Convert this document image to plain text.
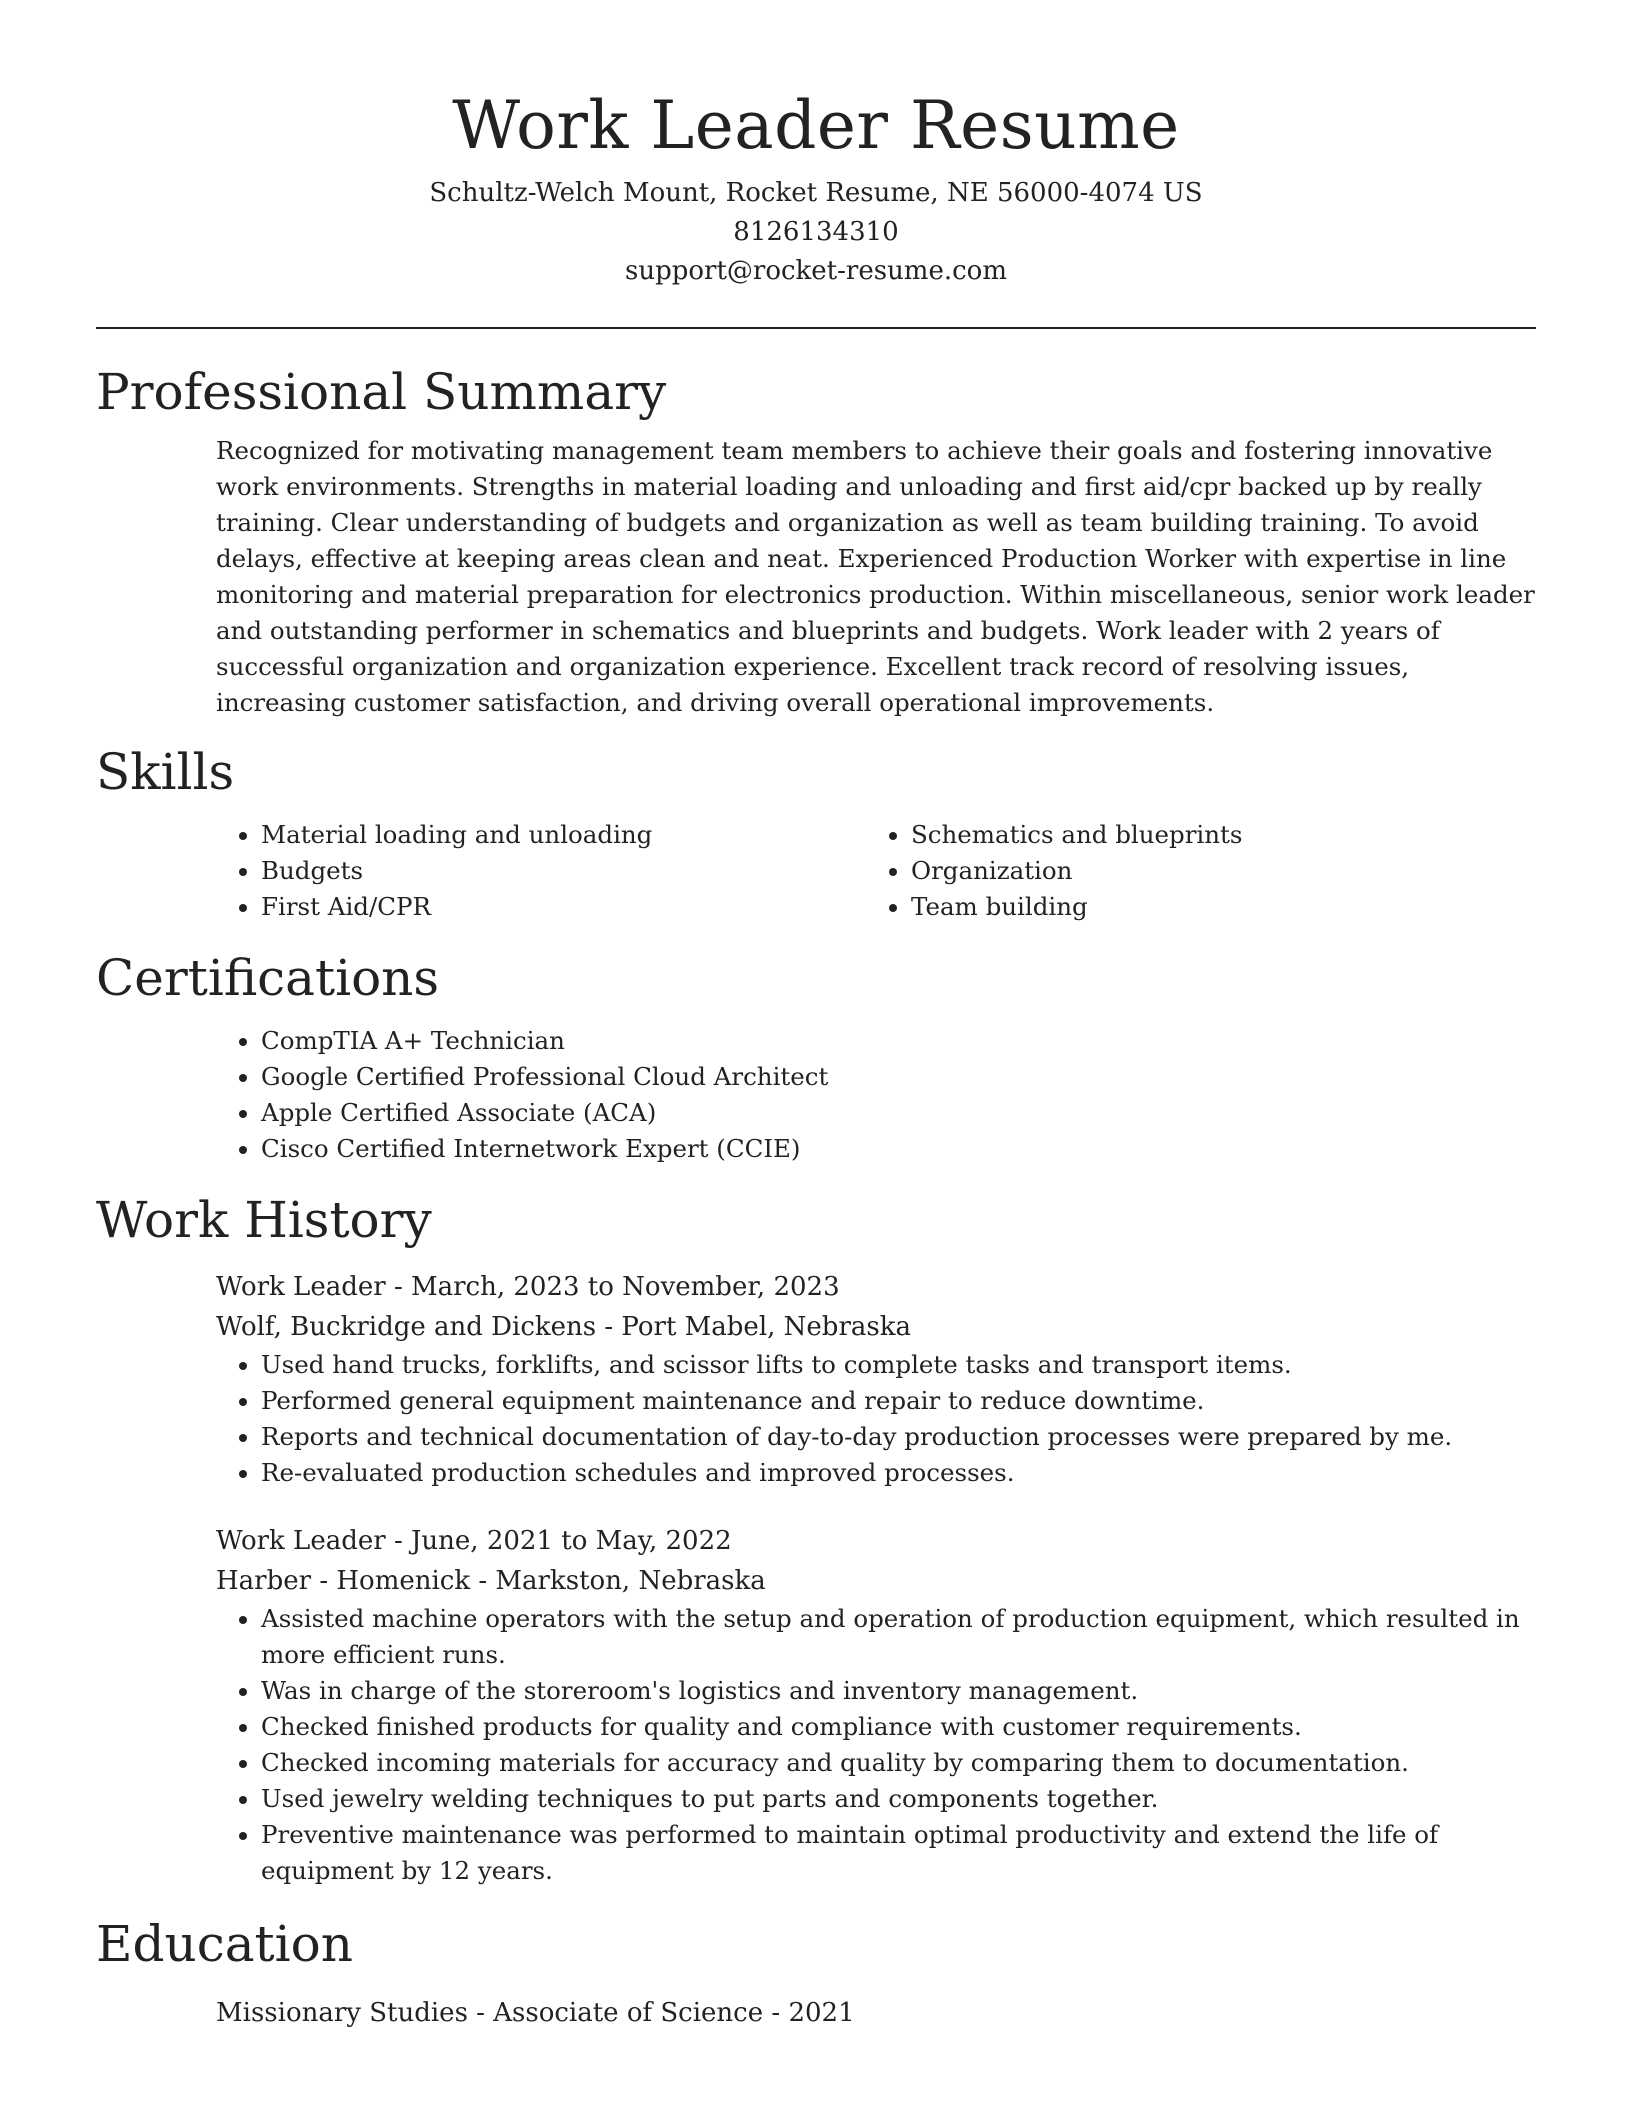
Work Leader Resume
Schultz-Welch Mount, Rocket Resume, NE 56000-4074 US
8126134310
support@rocket-resume.com
Professional Summary

Recognized for motivating management team members to achieve their goals and fostering innovative work environments. Strengths in material loading and unloading and first aid/cpr backed up by really training. Clear understanding of budgets and organization as well as team building training. To avoid delays, effective at keeping areas clean and neat. Experienced Production Worker with expertise in line monitoring and material preparation for electronics production. Within miscellaneous, senior work leader and outstanding performer in schematics and blueprints and budgets. Work leader with 2 years of successful organization and organization experience. Excellent track record of resolving issues, increasing customer satisfaction, and driving overall operational improvements.

Skills
• Material loading and unloading
• Budgets
• First Aid/CPR
• Schematics and blueprints
• Organization
• Team building
Certifications
• CompTIA A+ Technician
• Google Certified Professional Cloud Architect
• Apple Certified Associate (ACA)
• Cisco Certified Internetwork Expert (CCIE)
Work History
Work Leader - March, 2023 to November, 2023
Wolf, Buckridge and Dickens - Port Mabel, Nebraska
• Used hand trucks, forklifts, and scissor lifts to complete tasks and transport items.
• Performed general equipment maintenance and repair to reduce downtime.
• Reports and technical documentation of day-to-day production processes were prepared by me.
• Re-evaluated production schedules and improved processes.
Work Leader - June, 2021 to May, 2022
Harber - Homenick - Markston, Nebraska
• Assisted machine operators with the setup and operation of production equipment, which resulted in more efficient runs.
• Was in charge of the storeroom's logistics and inventory management.
• Checked finished products for quality and compliance with customer requirements.
• Checked incoming materials for accuracy and quality by comparing them to documentation.
• Used jewelry welding techniques to put parts and components together.
• Preventive maintenance was performed to maintain optimal productivity and extend the life of equipment by 12 years.
Education
Missionary Studies - Associate of Science - 2021
